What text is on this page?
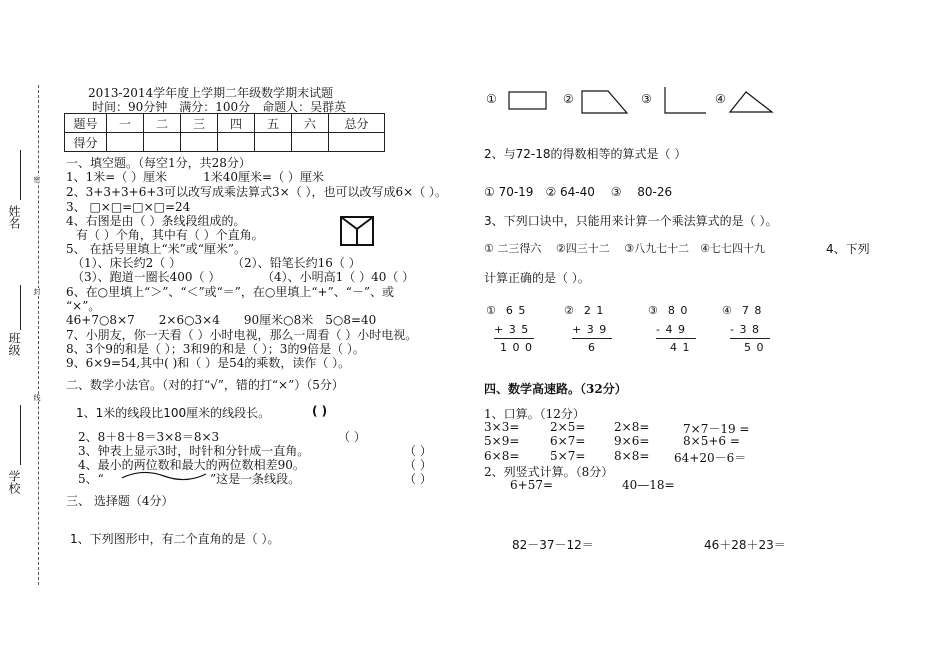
姓名
班级
学校
密
封
线
2013-2014学年度上学期二年级数学期末试题
时间：90分钟　满分：100分　命题人：吴群英
题号	一	二	三	四	五	六	总分
得分							
一、填空题。（每空1分，共28分）
1、1米=（ ）厘米　　　1米40厘米=（ ）厘米
2、3+3+3+6+3可以改写成乘法算式3×（ ），也可以改写成6×（ ）。
3、 □×□=□×□=24
4、右图是由（ ）条线段组成的。
有（ ）个角，其中有（ ）个直角。
5、 在括号里填上“米”或“厘米”。
（1）、床长约2（ ）	（2）、铅笔长约16（ ）
（3）、跑道一圈长400（ ）	（4）、小明高1（ ）40（ ）
6、在○里填上“＞”、“＜”或“＝”，在○里填上“+”、“－”、或
“×”。
46+7○8×7　　2×6○3×4　　90厘米○8米　5○8=40
7、小朋友，你一天看（ ）小时电视，那么一周看（ ）小时电视。
8、3个9的和是（ ）；3和9的和是（ ）；3的9倍是（ ）。
9、6×9=54,其中( )和（ ）是54的乘数，读作（ ）。
二、数学小法官。（对的打“√”，错的打“×”）（5分）
1、1米的线段比100厘米的线段长。	( )
2、8＋8＋8＝3×8＝8×3	（ ）
3、钟表上显示3时，时针和分针成一直角。	（ ）
4、最小的两位数和最大的两位数相差90。	（ ）
5、“	”这是一条线段。	（ ）
三、 选择题（4分）
1、下列图形中，有二个直角的是（ ）。
①	②	③	④
2、与72-18的得数相等的算式是（ ）
① 70-19　② 64-40　 ③　 80-26
3、下列口诀中，只能用来计算一个乘法算式的是（ ）。
① 二三得六　 ②四三十二　 ③八九七十二　④七七四十九	4、下列
计算正确的是（ ）。
① 6 5
+ 3 5
1 0 0
② 2 1
+ 3 9
6
③ 8̇ 0
- 4 9
4 1
④ 7 8
- 3 8
5 0
四、数学高速路。（32分）
1、口算。（12分）
3×3=	2×5= 2×8=	7×7－19 =
5×9=	6×7= 9×6=	8×5+6 =
6×8=	5×7= 8×8= 64+20－6＝
2、列竖式计算。（8分）
6+57=	40—18=
82－37－12＝	46＋28＋23＝
